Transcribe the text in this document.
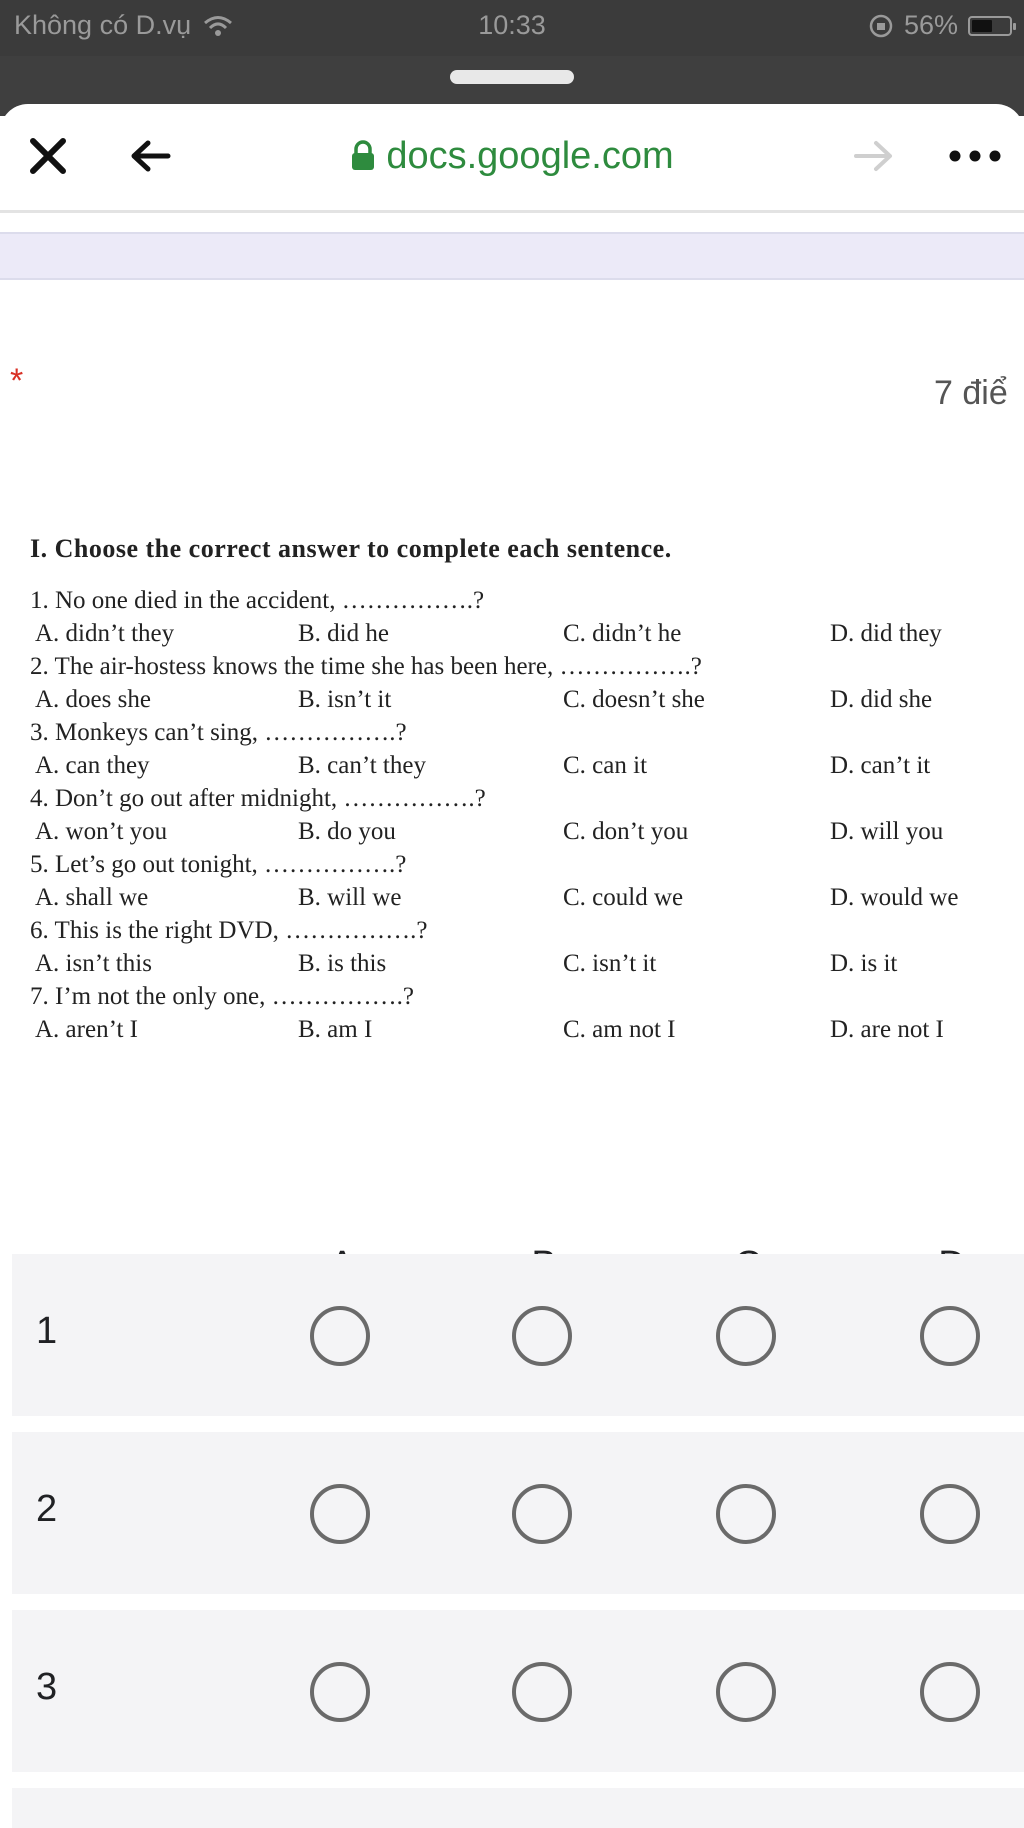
Không có D.vụ	10:33	56%
docs.google.com
*	7 điể
I. Choose the correct answer to complete each sentence.
1. No one died in the accident, …………….?
A. didn’t they	B. did he	C. didn’t he	D. did they
2. The air-hostess knows the time she has been here, …………….?
A. does she	B. isn’t it	C. doesn’t she	D. did she
3. Monkeys can’t sing, …………….?
A. can they	B. can’t they	C. can it	D. can’t it
4. Don’t go out after midnight, …………….?
A. won’t you	B. do you	C. don’t you	D. will you
5. Let’s go out tonight, …………….?
A. shall we	B. will we	C. could we	D. would we
6. This is the right DVD, …………….?
A. isn’t this	B. is this	C. isn’t it	D. is it
7. I’m not the only one, …………….?
A. aren’t I	B. am I	C. am not I	D. are not I
1
2
3
